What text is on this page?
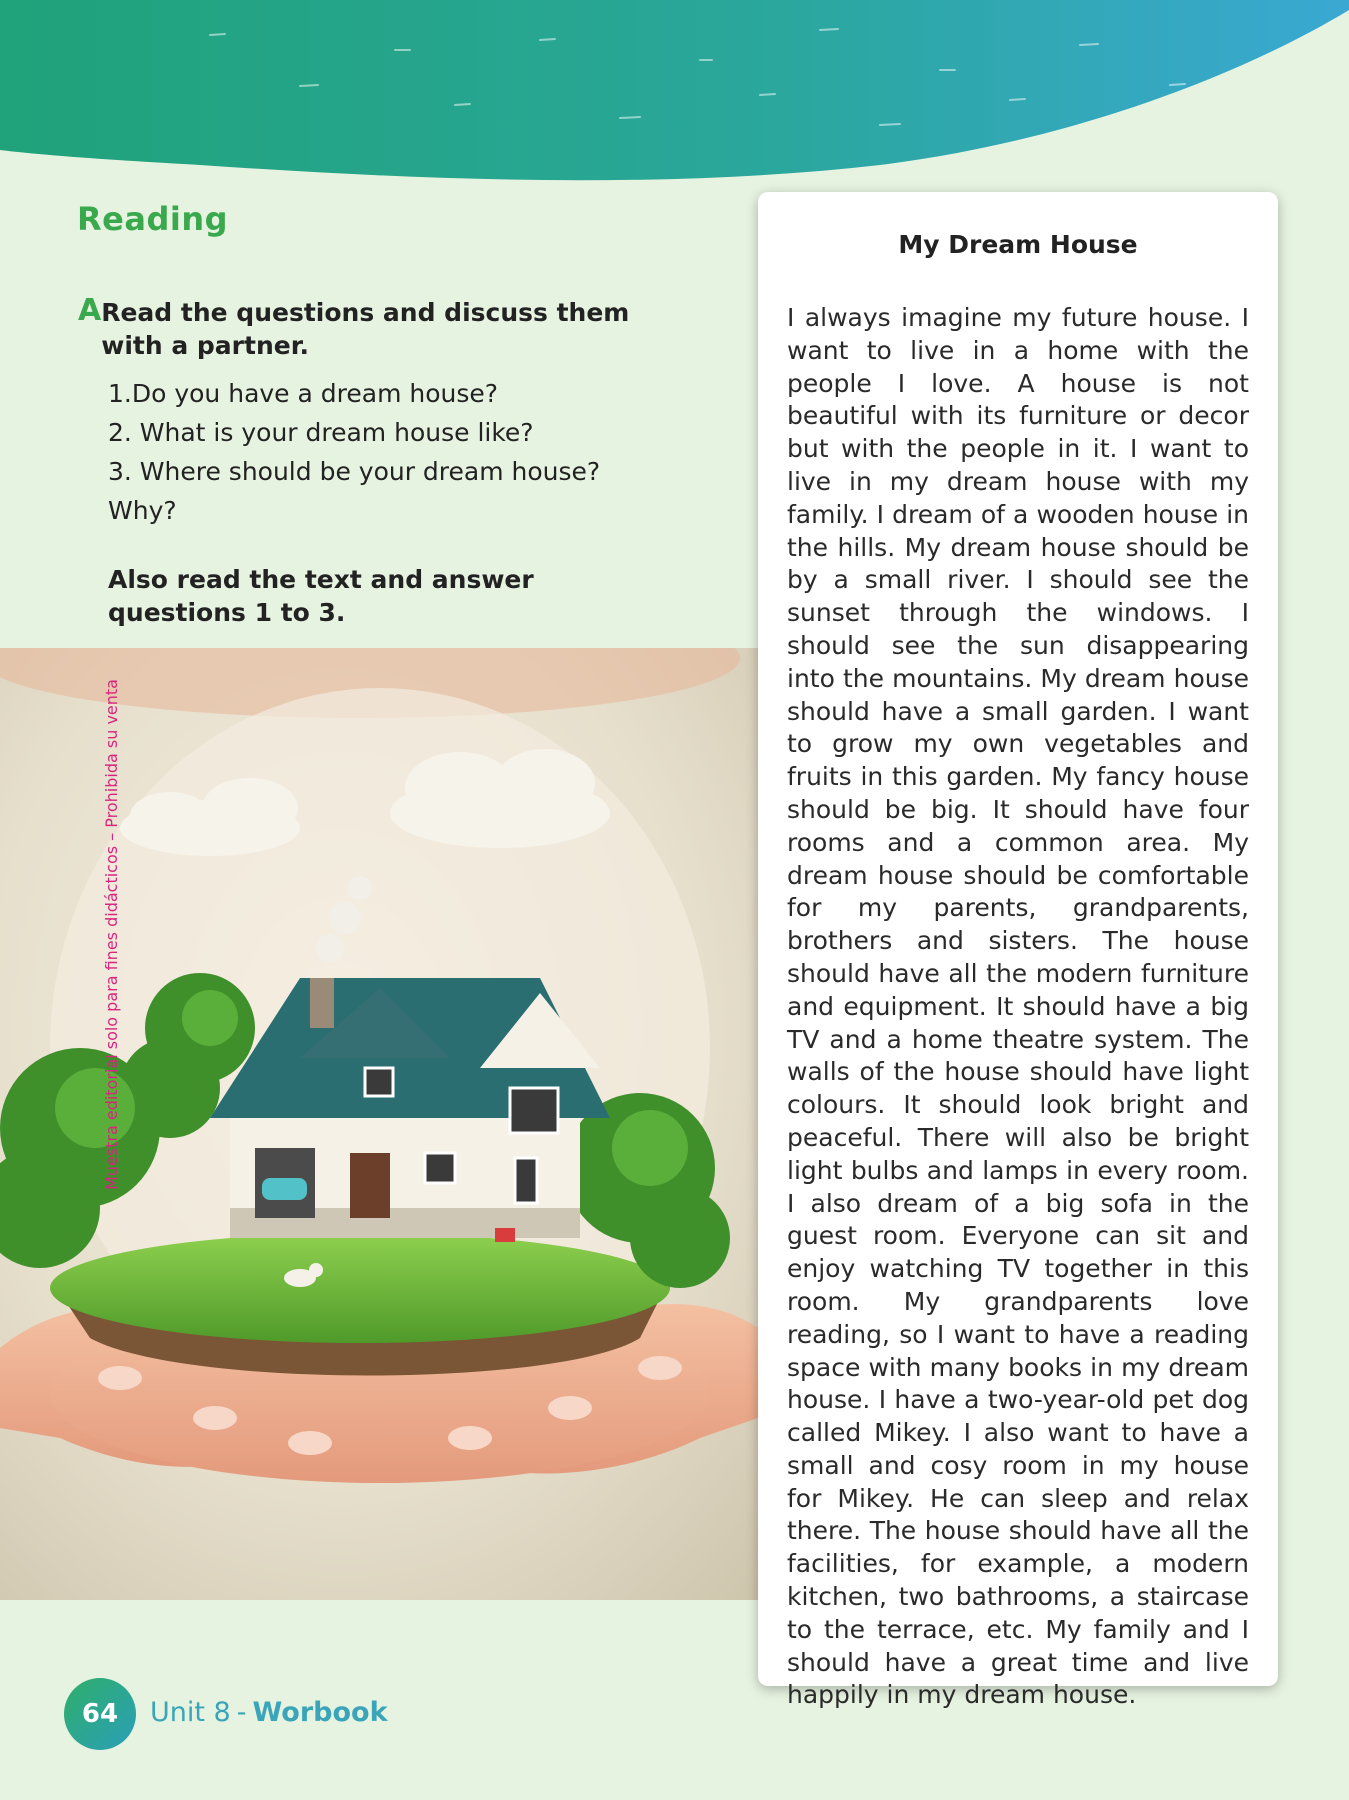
Reading
A Read the questions and discuss them with a partner.
1.Do you have a dream house?
2. What is your dream house like?
3. Where should be your dream house? Why?
Also read the text and answer questions 1 to 3.
Muestra editorial solo para fines didácticos – Prohibida su venta
My Dream House

I always imagine my future house. I want to live in a home with the people I love. A house is not beautiful with its furniture or decor but with the people in it. I want to live in my dream house with my family. I dream of a wooden house in the hills. My dream house should be by a small river. I should see the sunset through the windows. I should see the sun disappearing into the mountains. My dream house should have a small garden. I want to grow my own vegetables and fruits in this garden. My fancy house should be big. It should have four rooms and a common area. My dream house should be comfortable for my parents, grandparents, brothers and sisters. The house should have all the modern furniture and equipment. It should have a big TV and a home theatre system. The walls of the house should have light colours. It should look bright and peaceful. There will also be bright light bulbs and lamps in every room. I also dream of a big sofa in the guest room. Everyone can sit and enjoy watching TV together in this room. My grandparents love reading, so I want to have a reading space with many books in my dream house. I have a two-year-old pet dog called Mikey. I also want to have a small and cosy room in my house for Mikey. He can sleep and relax there. The house should have all the facilities, for example, a modern kitchen, two bathrooms, a staircase to the terrace, etc. My family and I should have a great time and live happily in my dream house.

64	Unit 8 - Worbook
